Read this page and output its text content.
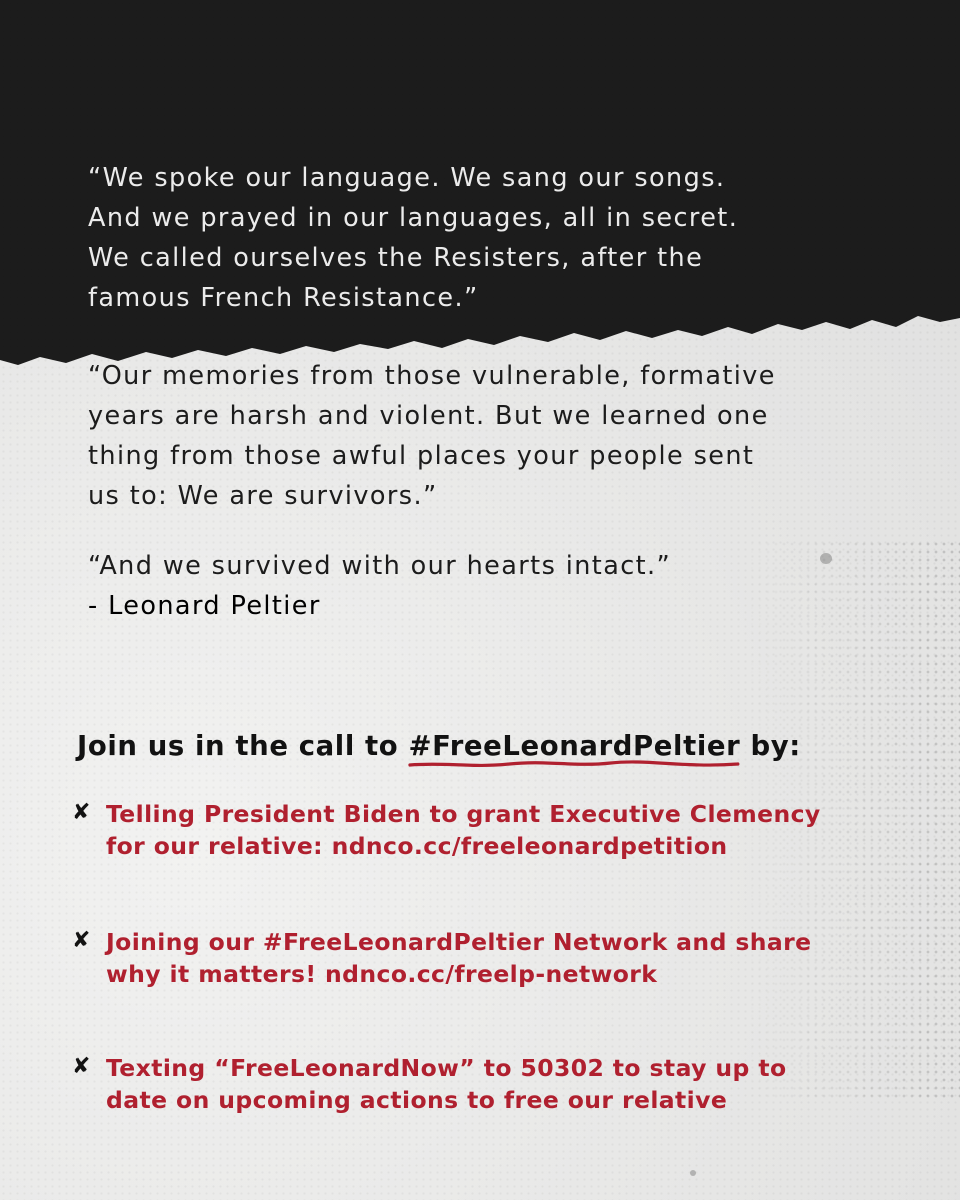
“We spoke our language. We sang our songs.
And we prayed in our languages, all in secret.
We called ourselves the Resisters, after the
famous French Resistance.”

“Our memories from those vulnerable, formative
years are harsh and violent. But we learned one
thing from those awful places your people sent
us to: We are survivors.”

“And we survived with our hearts intact.”

- Leonard Peltier

Join us in the call to #FreeLeonardPeltier
by:
✘ Telling President Biden to grant Executive Clemency
for our relative: ndnco.cc/freeleonardpetition
✘ Joining our #FreeLeonardPeltier Network and share
why it matters! ndnco.cc/freelp-network
✘ Texting “FreeLeonardNow” to 50302 to stay up to
date on upcoming actions to free our relative
